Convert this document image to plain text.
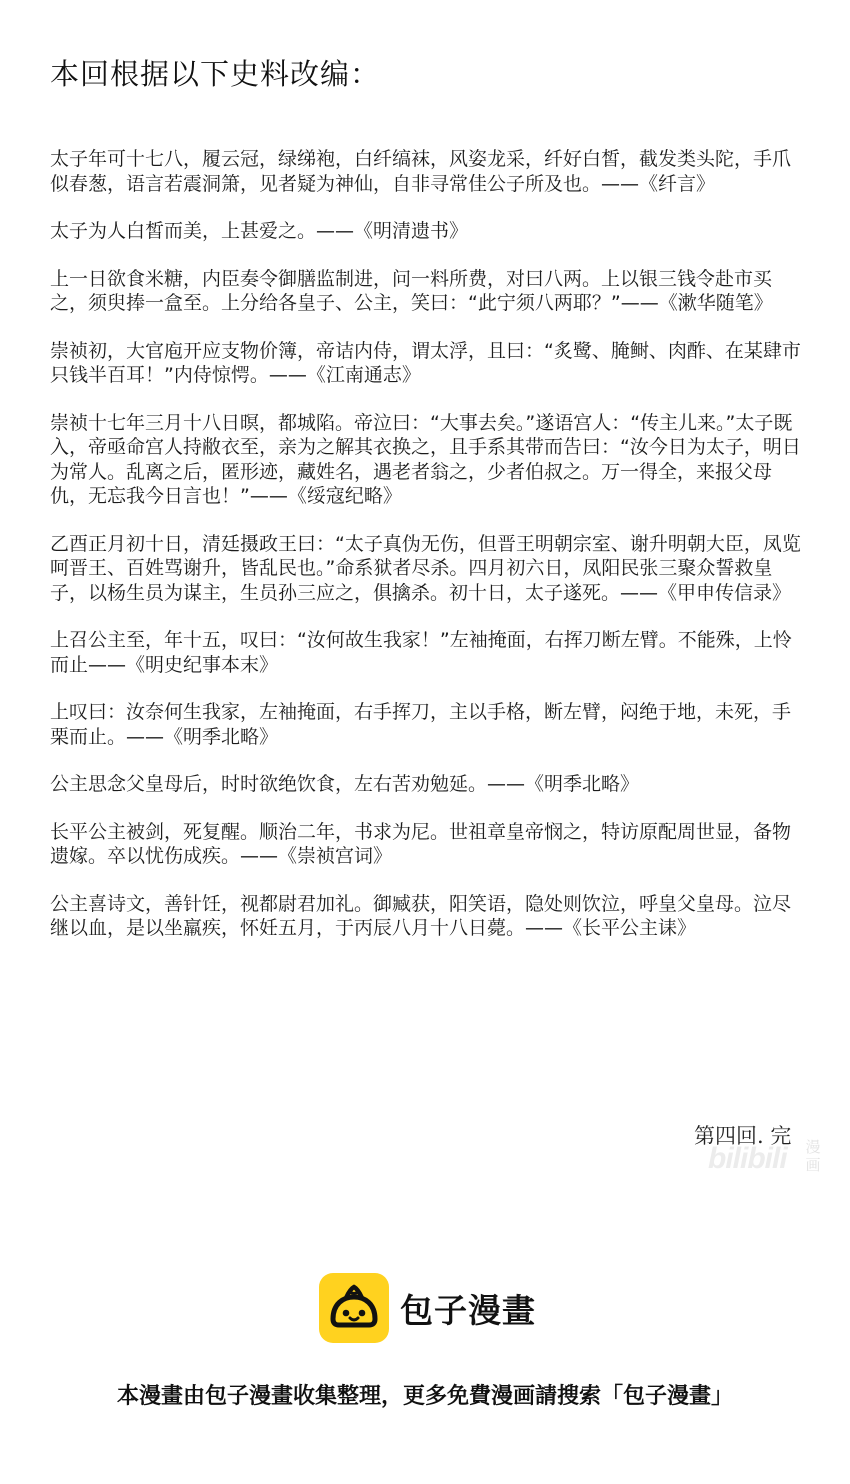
本回根据以下史料改编：

太子年可十七八，履云冠，绿绨袍，白纤缟袜，风姿龙采，纤好白皙，截发类头陀，手爪似春葱，语言若震洞箫，见者疑为神仙，自非寻常佳公子所及也。——《纤言》

太子为人白皙而美，上甚爱之。——《明清遗书》

上一日欲食米糖，内臣奏令御膳监制进，问一料所费，对曰八两。上以银三钱令赴市买之，须臾捧一盒至。上分给各皇子、公主，笑曰：“此宁须八两耶？”——《漱华随笔》

崇祯初，大官庖开应支物价簿，帝诘内侍，谓太浮，且曰：“炙鹭、腌鲥、肉酢、在某肆市只钱半百耳！”内侍惊愕。——《江南通志》

崇祯十七年三月十八日暝，都城陷。帝泣曰：“大事去矣。”遂语宫人：“传主儿来。”太子既入，帝亟命宫人持敝衣至，亲为之解其衣换之，且手系其带而告曰：“汝今日为太子，明日为常人。乱离之后，匿形迹，藏姓名，遇老者翁之，少者伯叔之。万一得全，来报父母仇，无忘我今日言也！”——《绥寇纪略》

乙酉正月初十日，清廷摄政王曰：“太子真伪无伤，但晋王明朝宗室、谢升明朝大臣，凤览呵晋王、百姓骂谢升，皆乱民也。”命系狱者尽杀。四月初六日，凤阳民张三聚众誓救皇子，以杨生员为谋主，生员孙三应之，俱擒杀。初十日，太子遂死。——《甲申传信录》

上召公主至，年十五，叹曰：“汝何故生我家！”左袖掩面，右挥刀断左臂。不能殊，上怜而止——《明史纪事本末》

上叹曰：汝奈何生我家，左袖掩面，右手挥刀，主以手格，断左臂，闷绝于地，未死，手栗而止。——《明季北略》

公主思念父皇母后，时时欲绝饮食，左右苦劝勉延。——《明季北略》

长平公主被剑，死复醒。顺治二年，书求为尼。世祖章皇帝悯之，特访原配周世显，备物遗嫁。卒以忧伤成疾。——《崇祯宫词》

公主喜诗文，善针饪，视都尉君加礼。御臧获，阳笑语，隐处则饮泣，呼皇父皇母。泣尽继以血，是以坐羸疾，怀妊五月，于丙辰八月十八日薨。——《长平公主诔》

第四回. 完
bilibili 漫画
包子漫畫
本漫畫由包子漫畫收集整理，更多免費漫画請搜索「包子漫畫」
